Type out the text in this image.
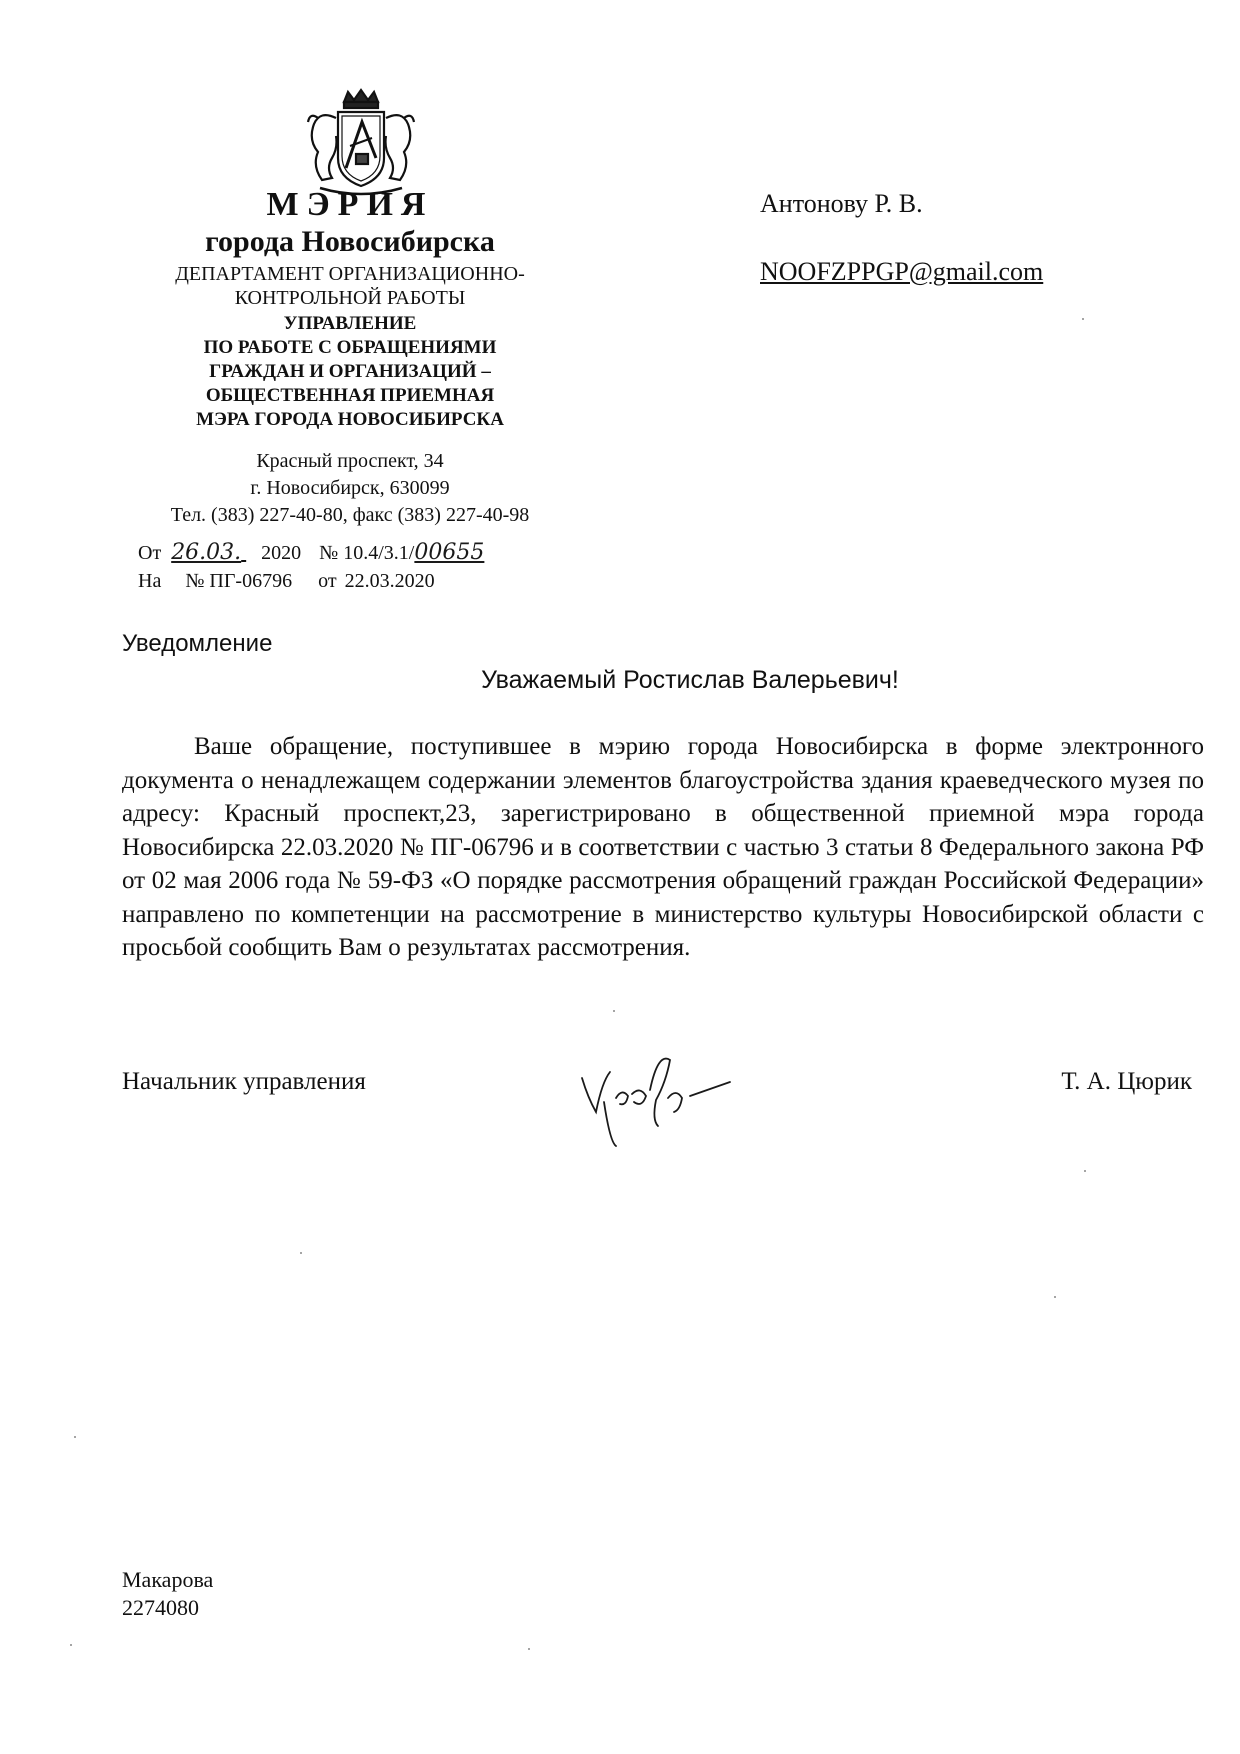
МЭРИЯ
города Новосибирска
ДЕПАРТАМЕНТ ОРГАНИЗАЦИОННО-
КОНТРОЛЬНОЙ РАБОТЫ
УПРАВЛЕНИЕ
ПО РАБОТЕ С ОБРАЩЕНИЯМИ
ГРАЖДАН И ОРГАНИЗАЦИЙ –
ОБЩЕСТВЕННАЯ ПРИЕМНАЯ
МЭРА ГОРОДА НОВОСИБИРСКА
Красный проспект, 34
г. Новосибирск, 630099
Тел. (383) 227-40-80, факс (383) 227-40-98
От 26.03.
2020 № 10.4/3.1/ 00655
На № ПГ-06796 от 22.03.2020
Антонову Р. В.
NOOFZPPGP@gmail.com
Уведомление
Уважаемый Ростислав Валерьевич!
Ваше обращение, поступившее в мэрию города Новосибирска в форме электронного документа о ненадлежащем содержании элементов благоустройства здания краеведческого музея по адресу: Красный проспект,23, зарегистрировано в общественной приемной мэра города Новосибирска 22.03.2020 № ПГ-06796 и в соответствии с частью 3 статьи 8 Федерального закона РФ от 02 мая 2006 года № 59-ФЗ «О порядке рассмотрения обращений граждан Российской Федерации» направлено по компетенции на рассмотрение в министерство культуры Новосибирской области с просьбой сообщить Вам о результатах рассмотрения.
Начальник управления	Т. А. Цюрик
Макарова
2274080
